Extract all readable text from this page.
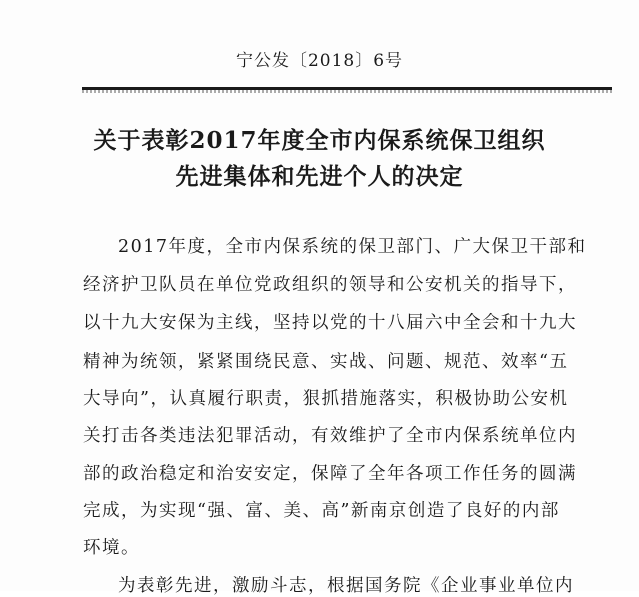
宁公发〔2018〕6号
关于表彰2017年度全市内保系统保卫组织
先进集体和先进个人的决定
2017年度，全市内保系统的保卫部门、广大保卫干部和
经济护卫队员在单位党政组织的领导和公安机关的指导下，
以十九大安保为主线，坚持以党的十八届六中全会和十九大
精神为统领，紧紧围绕民意、实战、问题、规范、效率“五
大导向”，认真履行职责，狠抓措施落实，积极协助公安机
关打击各类违法犯罪活动，有效维护了全市内保系统单位内
部的政治稳定和治安安定，保障了全年各项工作任务的圆满
完成，为实现“强、富、美、高”新南京创造了良好的内部
环境。
为表彰先进，激励斗志，根据国务院《企业事业单位内
